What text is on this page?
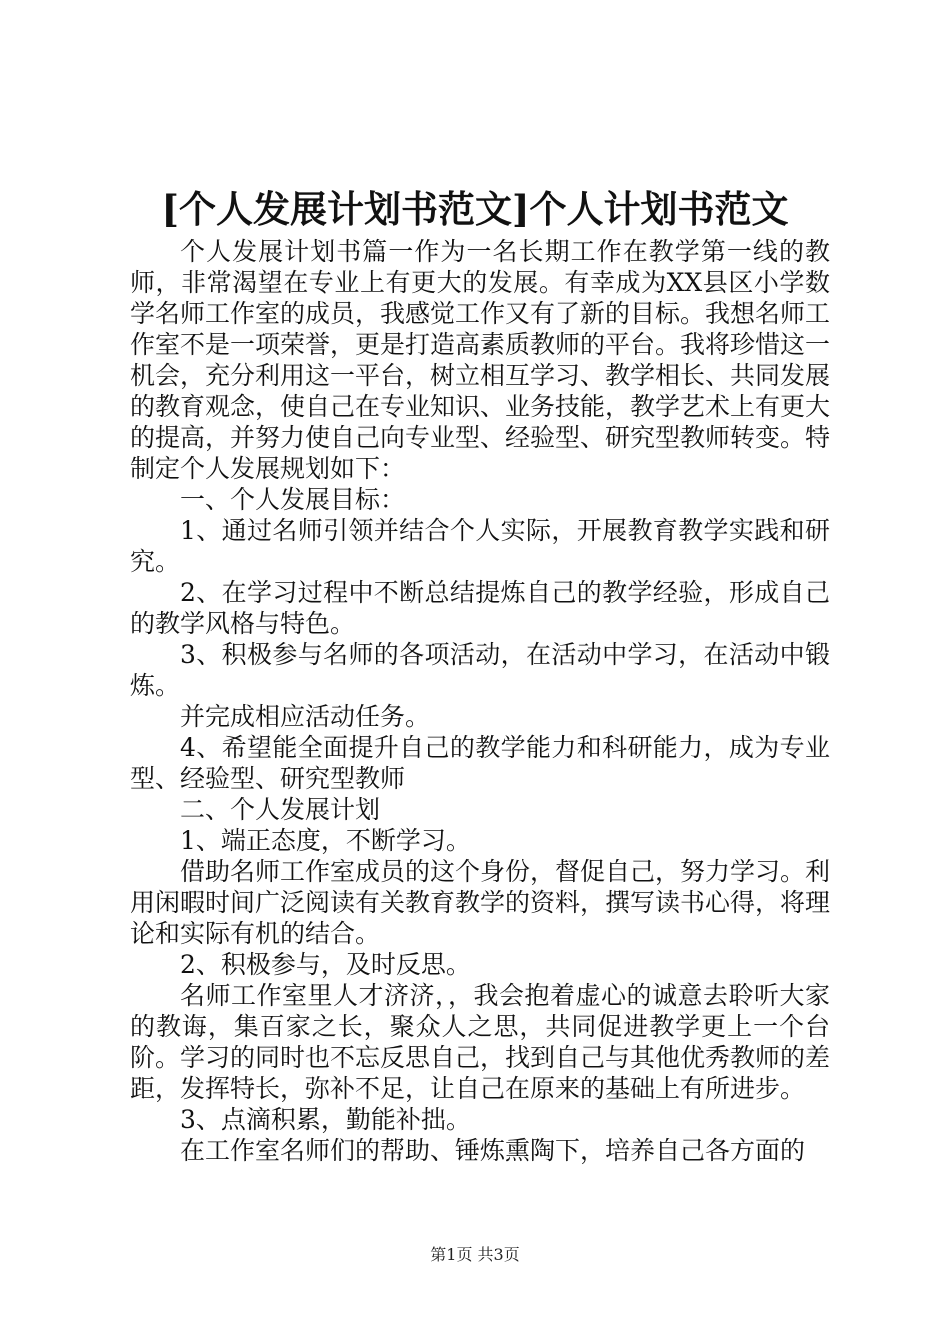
[个人发展计划书范文]个人计划书范文

个人发展计划书篇一作为一名长期工作在教学第一线的教师，非常渴望在专业上有更大的发展。有幸成为XX县区小学数学名师工作室的成员，我感觉工作又有了新的目标。我想名师工作室不是一项荣誉，更是打造高素质教师的平台。我将珍惜这一机会，充分利用这一平台，树立相互学习、教学相长、共同发展的教育观念，使自己在专业知识、业务技能，教学艺术上有更大的提高，并努力使自己向专业型、经验型、研究型教师转变。特制定个人发展规划如下：

一、个人发展目标：

1、通过名师引领并结合个人实际，开展教育教学实践和研究。

2、在学习过程中不断总结提炼自己的教学经验，形成自己的教学风格与特色。

3、积极参与名师的各项活动，在活动中学习，在活动中锻炼。

并完成相应活动任务。

4、希望能全面提升自己的教学能力和科研能力，成为专业型、经验型、研究型教师

二、个人发展计划

1、端正态度，不断学习。

借助名师工作室成员的这个身份，督促自己，努力学习。利用闲暇时间广泛阅读有关教育教学的资料，撰写读书心得，将理论和实际有机的结合。

2、积极参与，及时反思。

名师工作室里人才济济，，我会抱着虚心的诚意去聆听大家的教诲，集百家之长，聚众人之思，共同促进教学更上一个台阶。学习的同时也不忘反思自己，找到自己与其他优秀教师的差距，发挥特长，弥补不足，让自己在原来的基础上有所进步。

3、点滴积累，勤能补拙。

在工作室名师们的帮助、锤炼熏陶下，培养自己各方面的

第1页 共3页
